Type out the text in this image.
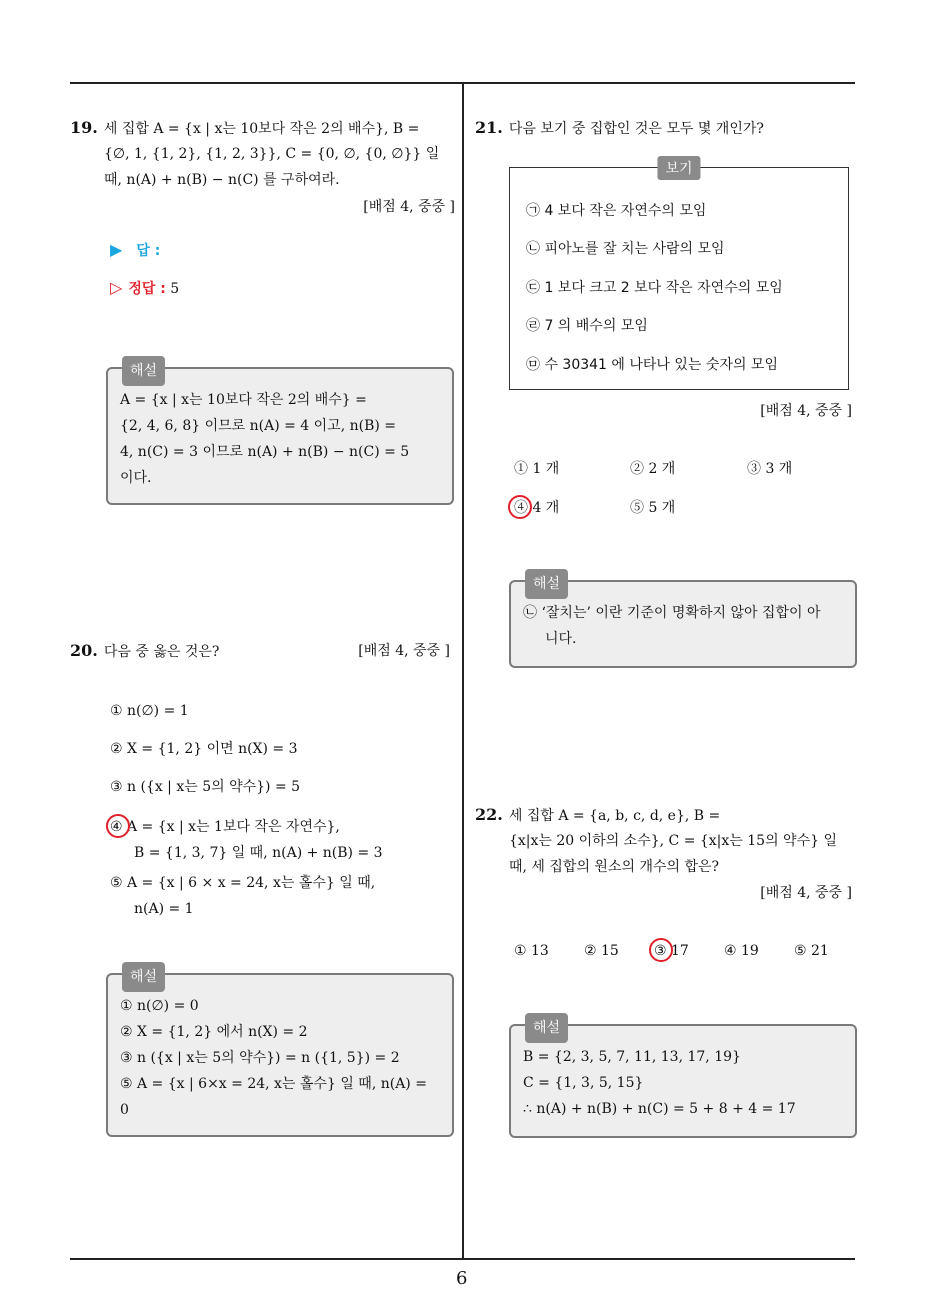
6
19. 세 집합 A = {x | x는 10보다 작은 2의 배수}, B =
{∅, 1, {1, 2}, {1, 2, 3}}, C = {0, ∅, {0, ∅}} 일
때, n(A) + n(B) − n(C) 를 구하여라.
[배점 4, 중중 ]
▶ 답 :
▷ 정답 : 5
해설
A = {x | x는 10보다 작은 2의 배수} =
{2, 4, 6, 8} 이므로 n(A) = 4 이고, n(B) =
4, n(C) = 3 이므로 n(A) + n(B) − n(C) = 5
이다.
20. 다음 중 옳은 것은?	[배점 4, 중중 ]
① n(∅) = 1
② X = {1, 2} 이면 n(X) = 3
③ n ({x | x는 5의 약수}) = 5
④ A = {x | x는 1보다 작은 자연수},
B = {1, 3, 7} 일 때, n(A) + n(B) = 3
⑤ A = {x | 6 × x = 24, x는 홀수} 일 때,
n(A) = 1
해설
① n(∅) = 0
② X = {1, 2} 에서 n(X) = 2
③ n ({x | x는 5의 약수}) = n ({1, 5}) = 2
⑤ A = {x | 6×x = 24, x는 홀수} 일 때, n(A) =
0
21. 다음 보기 중 집합인 것은 모두 몇 개인가?
보기
㉠ 4 보다 작은 자연수의 모임
㉡ 피아노를 잘 치는 사람의 모임
㉢ 1 보다 크고 2 보다 작은 자연수의 모임
㉣ 7 의 배수의 모임
㉤ 수 30341 에 나타나 있는 숫자의 모임
[배점 4, 중중 ]
① 1 개	② 2 개	③ 3 개
④ 4 개	⑤ 5 개
해설
㉡ ‘잘치는’ 이란 기준이 명확하지 않아 집합이 아
니다.
22. 세 집합 A = {a, b, c, d, e}, B =
{x|x는 20 이하의 소수}, C = {x|x는 15의 약수} 일
때, 세 집합의 원소의 개수의 합은?
[배점 4, 중중 ]
① 13	② 15	③ 17	④ 19	⑤ 21
해설
B = {2, 3, 5, 7, 11, 13, 17, 19}
C = {1, 3, 5, 15}
∴ n(A) + n(B) + n(C) = 5 + 8 + 4 = 17
